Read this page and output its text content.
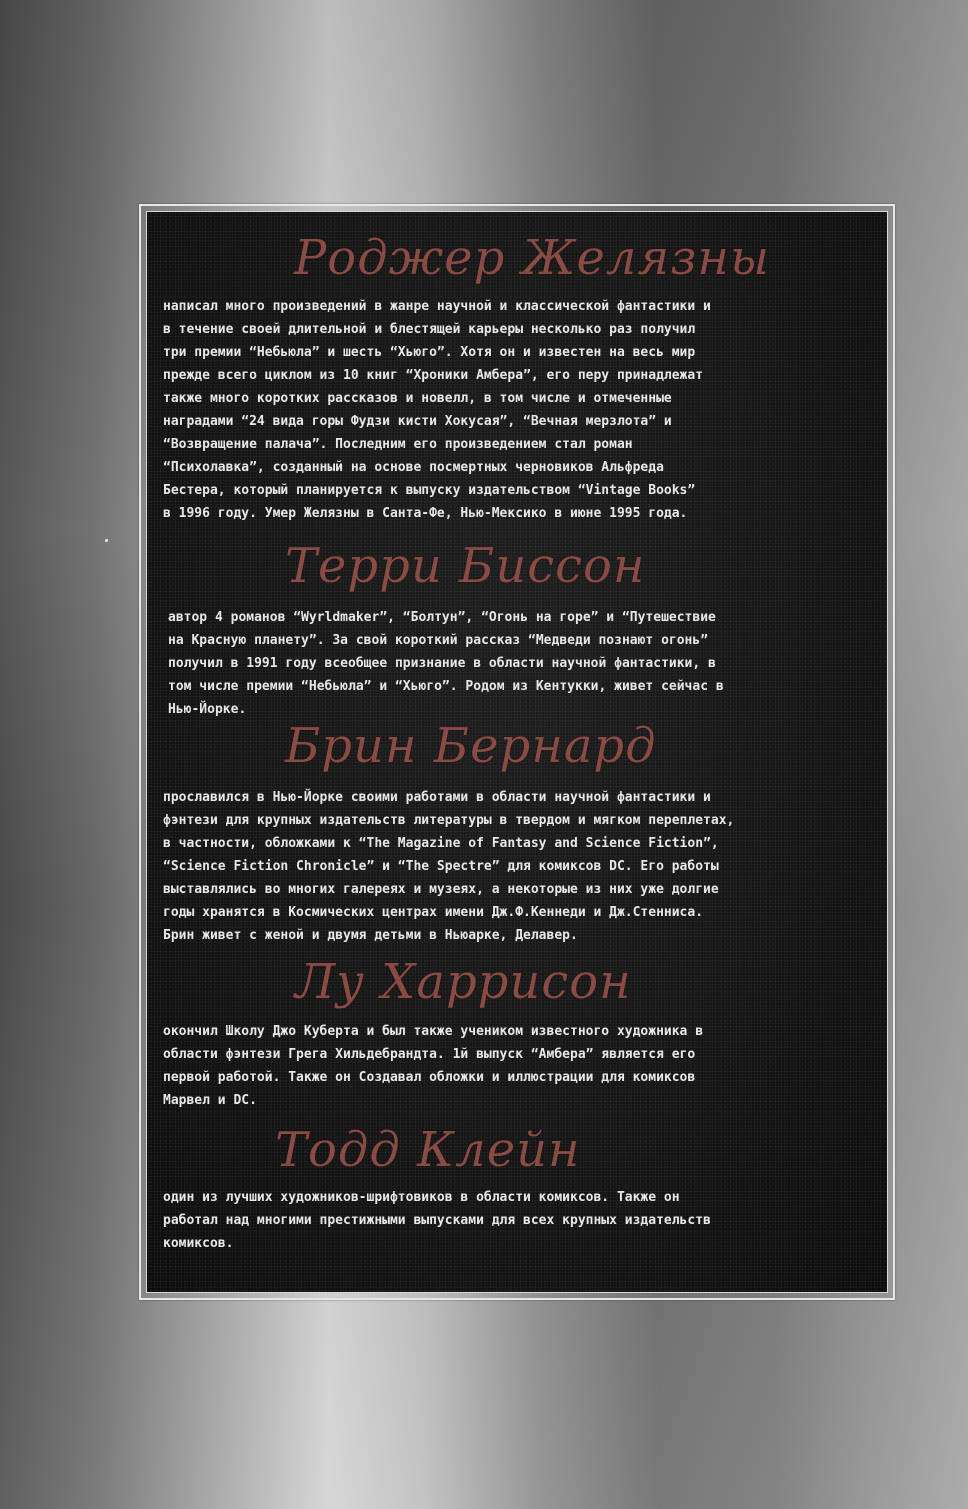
Роджер Желязны
написал много произведений в жанре научной и классической фантастики и
в течение своей длительной и блестящей карьеры несколько раз получил
три премии “Небьюла” и шесть “Хьюго”. Хотя он и известен на весь мир
прежде всего циклом из 10 книг “Хроники Амбера”, его перу принадлежат
также много коротких рассказов и новелл, в том числе и отмеченные
наградами “24 вида горы Фудзи кисти Хокусая”, “Вечная мерзлота” и
“Возвращение палача”. Последним его произведением стал роман
“Психолавка”, созданный на основе посмертных черновиков Альфреда
Бестера, который планируется к выпуску издательством “Vintage Books”
в 1996 году. Умер Желязны в Санта-Фе, Нью-Мексико в июне 1995 года.
Терри Биссон
автор 4 романов “Wyrldmaker”, “Болтун”, “Огонь на горе” и “Путешествие
на Красную планету”. За свой короткий рассказ “Медведи познают огонь”
получил в 1991 году всеобщее признание в области научной фантастики, в
том числе премии “Небьюла” и “Хьюго”. Родом из Кентукки, живет сейчас в
Нью-Йорке.
Брин Бернард
прославился в Нью-Йорке своими работами в области научной фантастики и
фэнтези для крупных издательств литературы в твердом и мягком переплетах,
в частности, обложками к “The Magazine of Fantasy and Science Fiction”,
“Science Fiction Chronicle” и “The Spectre” для комиксов DC. Его работы
выставлялись во многих галереях и музеях, а некоторые из них уже долгие
годы хранятся в Космических центрах имени Дж.Ф.Кеннеди и Дж.Стенниса.
Брин живет с женой и двумя детьми в Ньюарке, Делавер.
Лу Харрисон
окончил Школу Джо Куберта и был также учеником известного художника в
области фэнтези Грега Хильдебрандта. 1й выпуск “Амбера” является его
первой работой. Также он Создавал обложки и иллюстрации для комиксов
Марвел и DC.
Тодд Клейн
один из лучших художников-шрифтовиков в области комиксов. Также он
работал над многими престижными выпусками для всех крупных издательств
комиксов.
